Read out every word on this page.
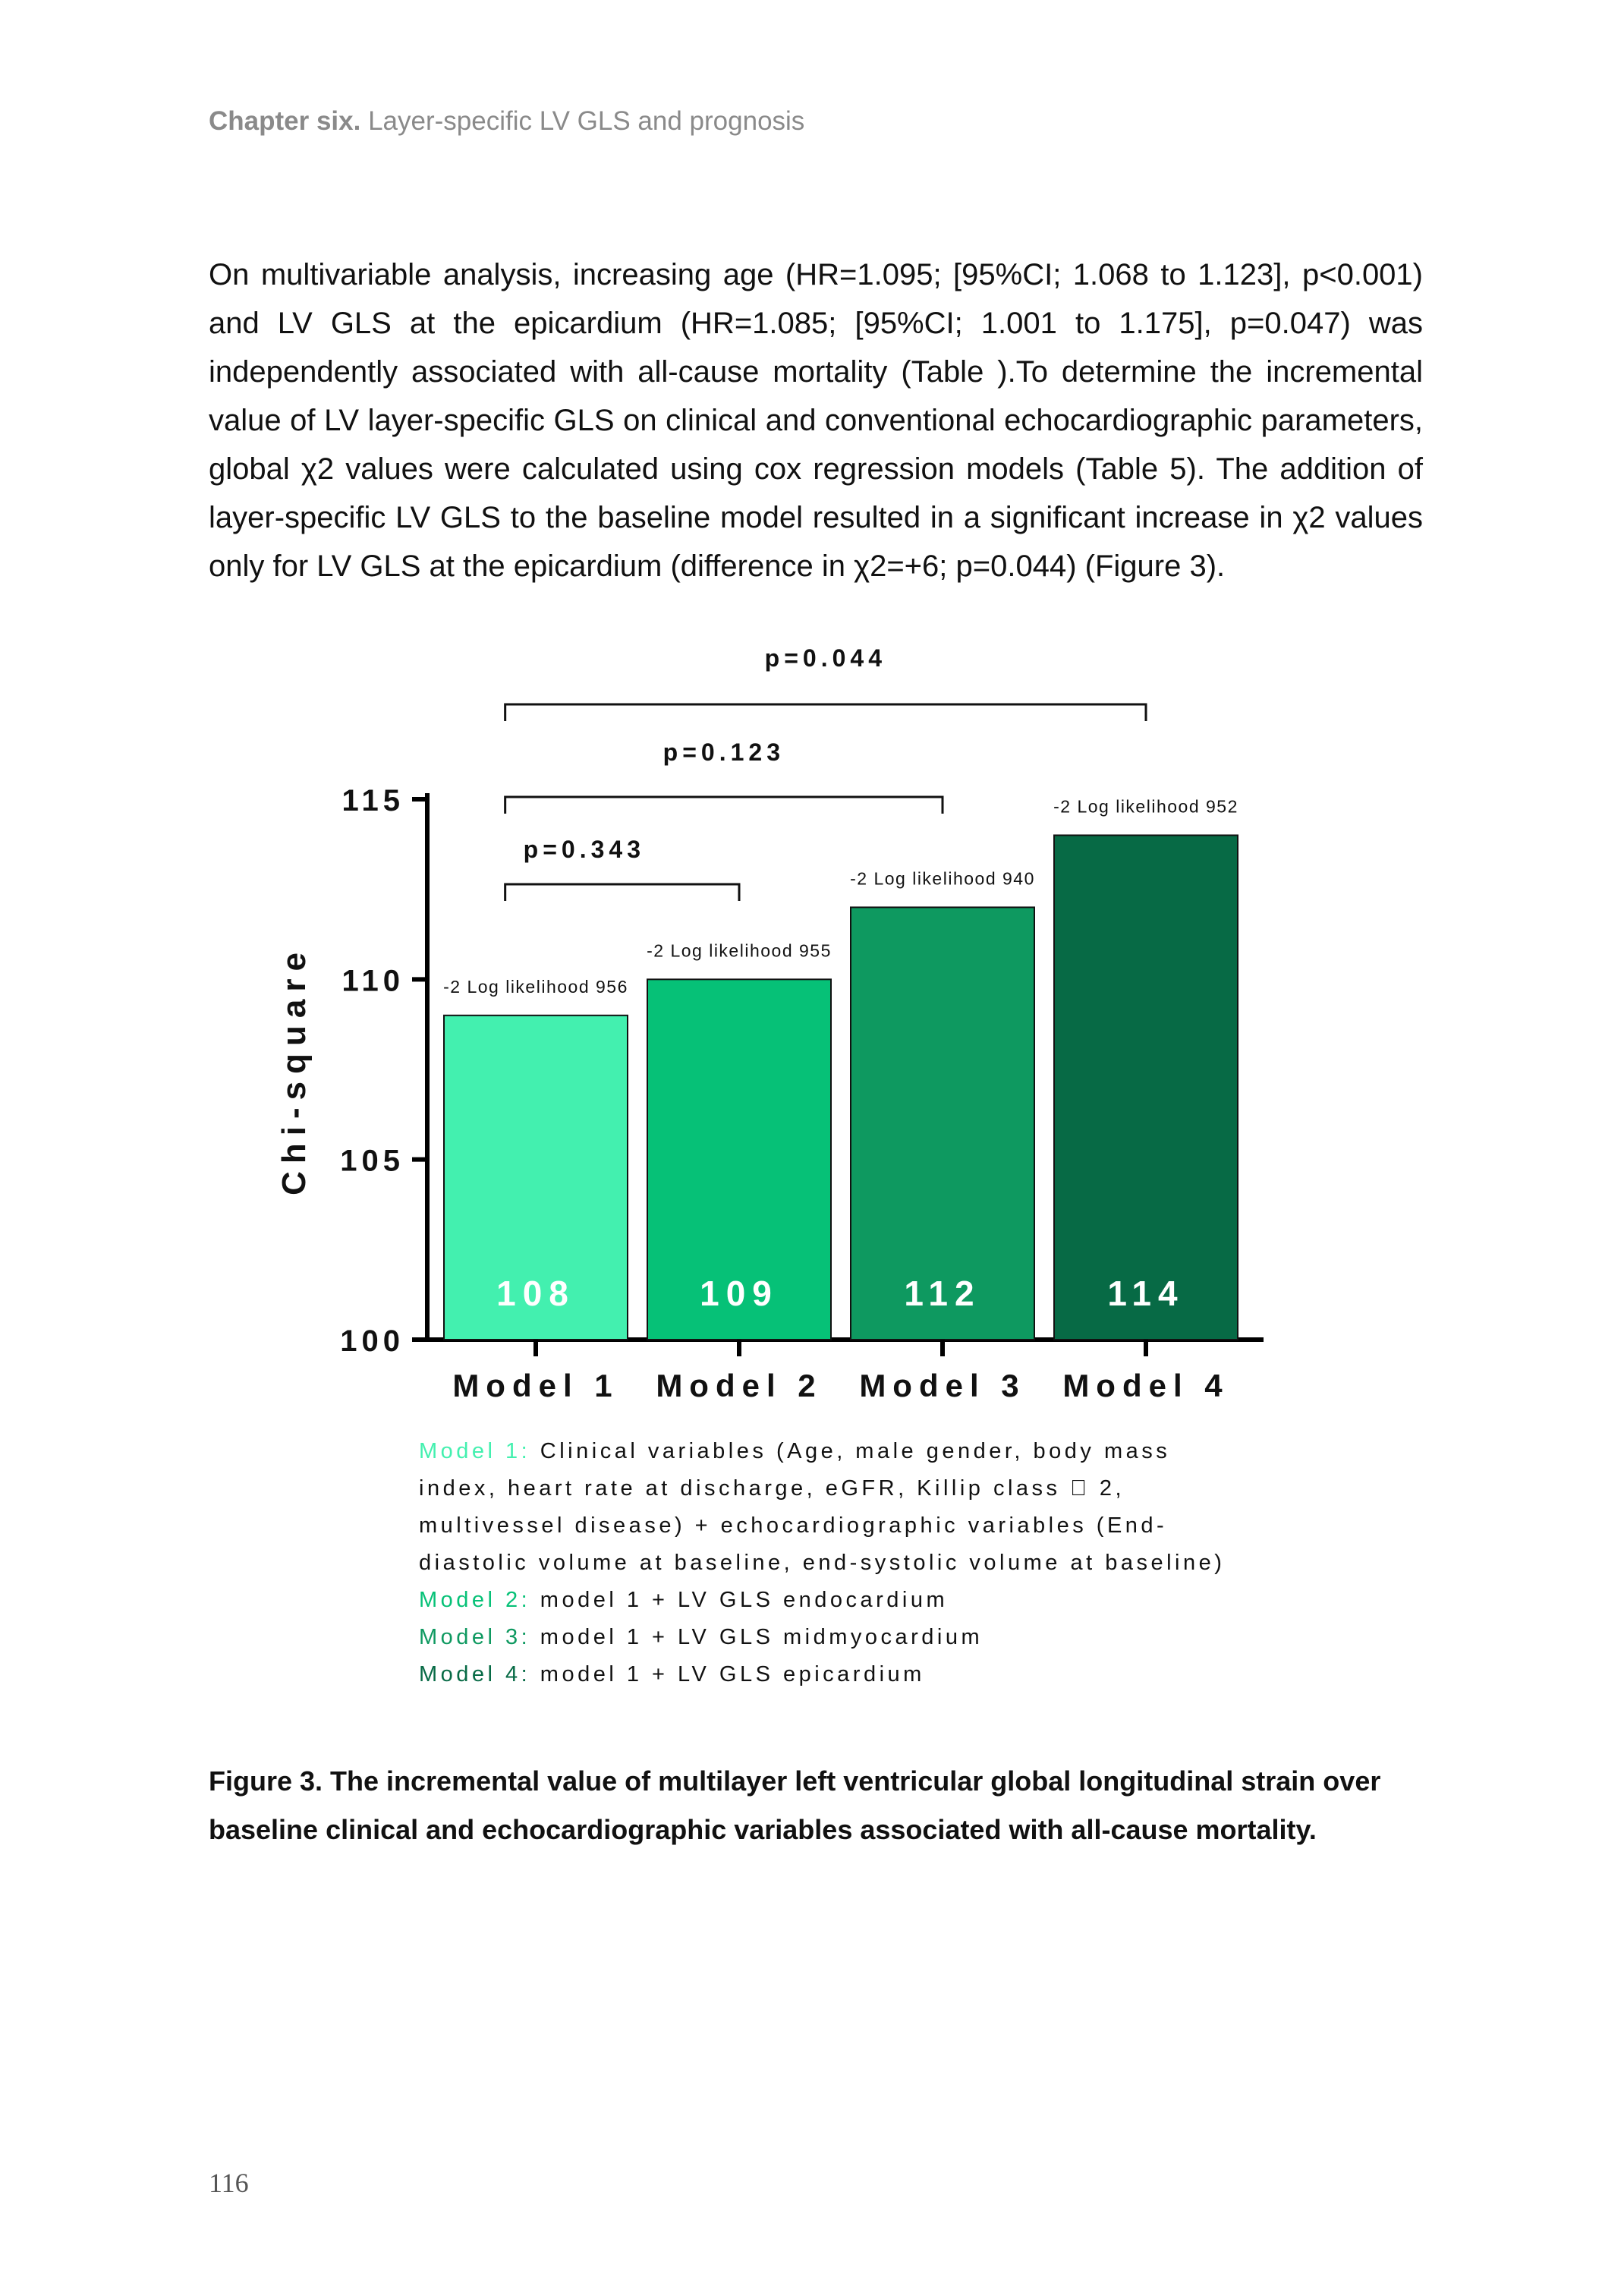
Chapter six. Layer-specific LV GLS and prognosis

On multivariable analysis, increasing age (HR=1.095; [95%CI; 1.068 to 1.123], p<0.001) and LV GLS at the epicardium (HR=1.085; [95%CI; 1.001 to 1.175], p=0.047) was independently associated with all-cause mortality (Table ).To determine the incremental value of LV layer-specific GLS on clinical and conventional echocardiographic parameters, global χ2 values were calculated using cox regression models (Table 5). The addition of layer-specific LV GLS to the baseline model resulted in a significant increase in χ2 values only for LV GLS at the epicardium (difference in χ2=+6; p=0.044) (Figure 3).

Chi-square
100
105
110
115
108
-2 Log likelihood 956
Model 1
109
-2 Log likelihood 955
Model 2
112
-2 Log likelihood 940
Model 3
114
-2 Log likelihood 952
Model 4
p=0.343
p=0.123
p=0.044
Model 1: Clinical variables (Age, male gender, body mass index, heart rate at discharge, eGFR, Killip class   2, multivessel disease) + echocardiographic variables (End-diastolic volume at baseline, end-systolic volume at baseline)
Model 2: model 1 + LV GLS endocardium
Model 3: model 1 + LV GLS midmyocardium
Model 4: model 1 + LV GLS epicardium
Figure 3. The incremental value of multilayer left ventricular global longitudinal strain over baseline clinical and echocardiographic variables associated with all-cause mortality.
116
